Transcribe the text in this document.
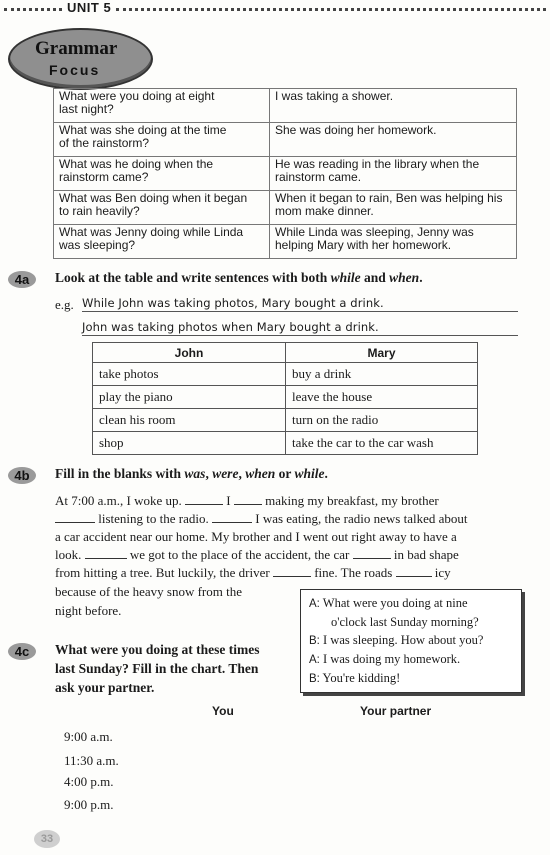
UNIT 5
Grammar
Focus
What were you doing at eight
last night?	I was taking a shower.

What was she doing at the time
of the rainstorm?	She was doing her homework.

What was he doing when the
rainstorm came?	He was reading in the library when the
rainstorm came.
What was Ben doing when it began
to rain heavily?	When it began to rain, Ben was helping his
mom make dinner.
What was Jenny doing while Linda
was sleeping?	While Linda was sleeping, Jenny was
helping Mary with her homework.
4a	Look at the table and write sentences with both while and when.
e.g. While John was taking photos, Mary bought a drink.
John was taking photos when Mary bought a drink.
John	Mary
take photos	buy a drink
play the piano	leave the house
clean his room	turn on the radio
shop	take the car to the car wash
4b	Fill in the blanks with was, were, when or while.
At 7:00 a.m., I woke up.	I	making my breakfast, my brother
listening to the radio.	I was eating, the radio news talked about
a car accident near our home. My brother and I went out right away to have a
look.	we got to the place of the accident, the car	in bad shape
from hitting a tree. But luckily, the driver	fine. The roads	icy
because of the heavy snow from the
night before.	A: What were you doing at nine
o'clock last Sunday morning?
B: I was sleeping. How about you?
A: I was doing my homework.
B: You're kidding!
4c	What were you doing at these times
last Sunday? Fill in the chart. Then
ask your partner.
You	Your partner
9:00 a.m.
11:30 a.m.
4:00 p.m.
9:00 p.m.
33
